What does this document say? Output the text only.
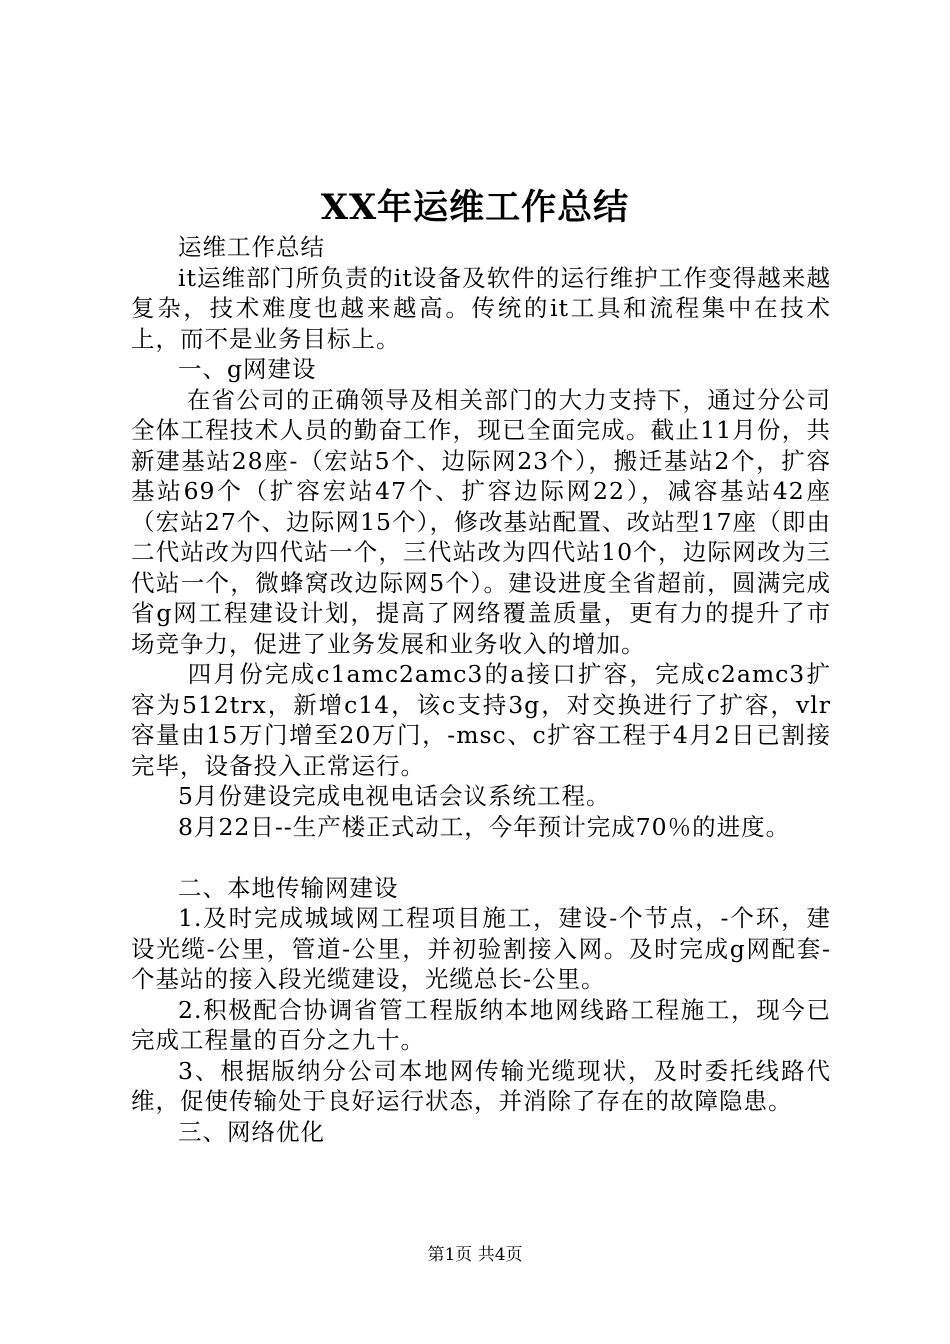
XX年运维工作总结

运维工作总结

it运维部门所负责的it设备及软件的运行维护工作变得越来越复杂，技术难度也越来越高。传统的it工具和流程集中在技术上，而不是业务目标上。

一、g网建设

在省公司的正确领导及相关部门的大力支持下，通过分公司全体工程技术人员的勤奋工作，现已全面完成。截止11月份，共新建基站28座-（宏站5个、边际网23个），搬迁基站2个，扩容基站69个（扩容宏站47个、扩容边际网22），减容基站42座（宏站27个、边际网15个），修改基站配置、改站型17座（即由二代站改为四代站一个，三代站改为四代站10个，边际网改为三代站一个，微蜂窝改边际网5个）。建设进度全省超前，圆满完成省g网工程建设计划，提高了网络覆盖质量，更有力的提升了市场竞争力，促进了业务发展和业务收入的增加。

四月份完成c1amc2amc3的a接口扩容，完成c2amc3扩容为512trx，新增c14，该c支持3g，对交换进行了扩容，vlr容量由15万门增至20万门，-msc、c扩容工程于4月2日已割接完毕，设备投入正常运行。

5月份建设完成电视电话会议系统工程。

8月22日--生产楼正式动工，今年预计完成70％的进度。

二、本地传输网建设

1.及时完成城域网工程项目施工，建设-个节点，-个环，建设光缆-公里，管道-公里，并初验割接入网。及时完成g网配套-个基站的接入段光缆建设，光缆总长-公里。

2.积极配合协调省管工程版纳本地网线路工程施工，现今已完成工程量的百分之九十。

3、根据版纳分公司本地网传输光缆现状，及时委托线路代维，促使传输处于良好运行状态，并消除了存在的故障隐患。

三、网络优化

第1页 共4页
